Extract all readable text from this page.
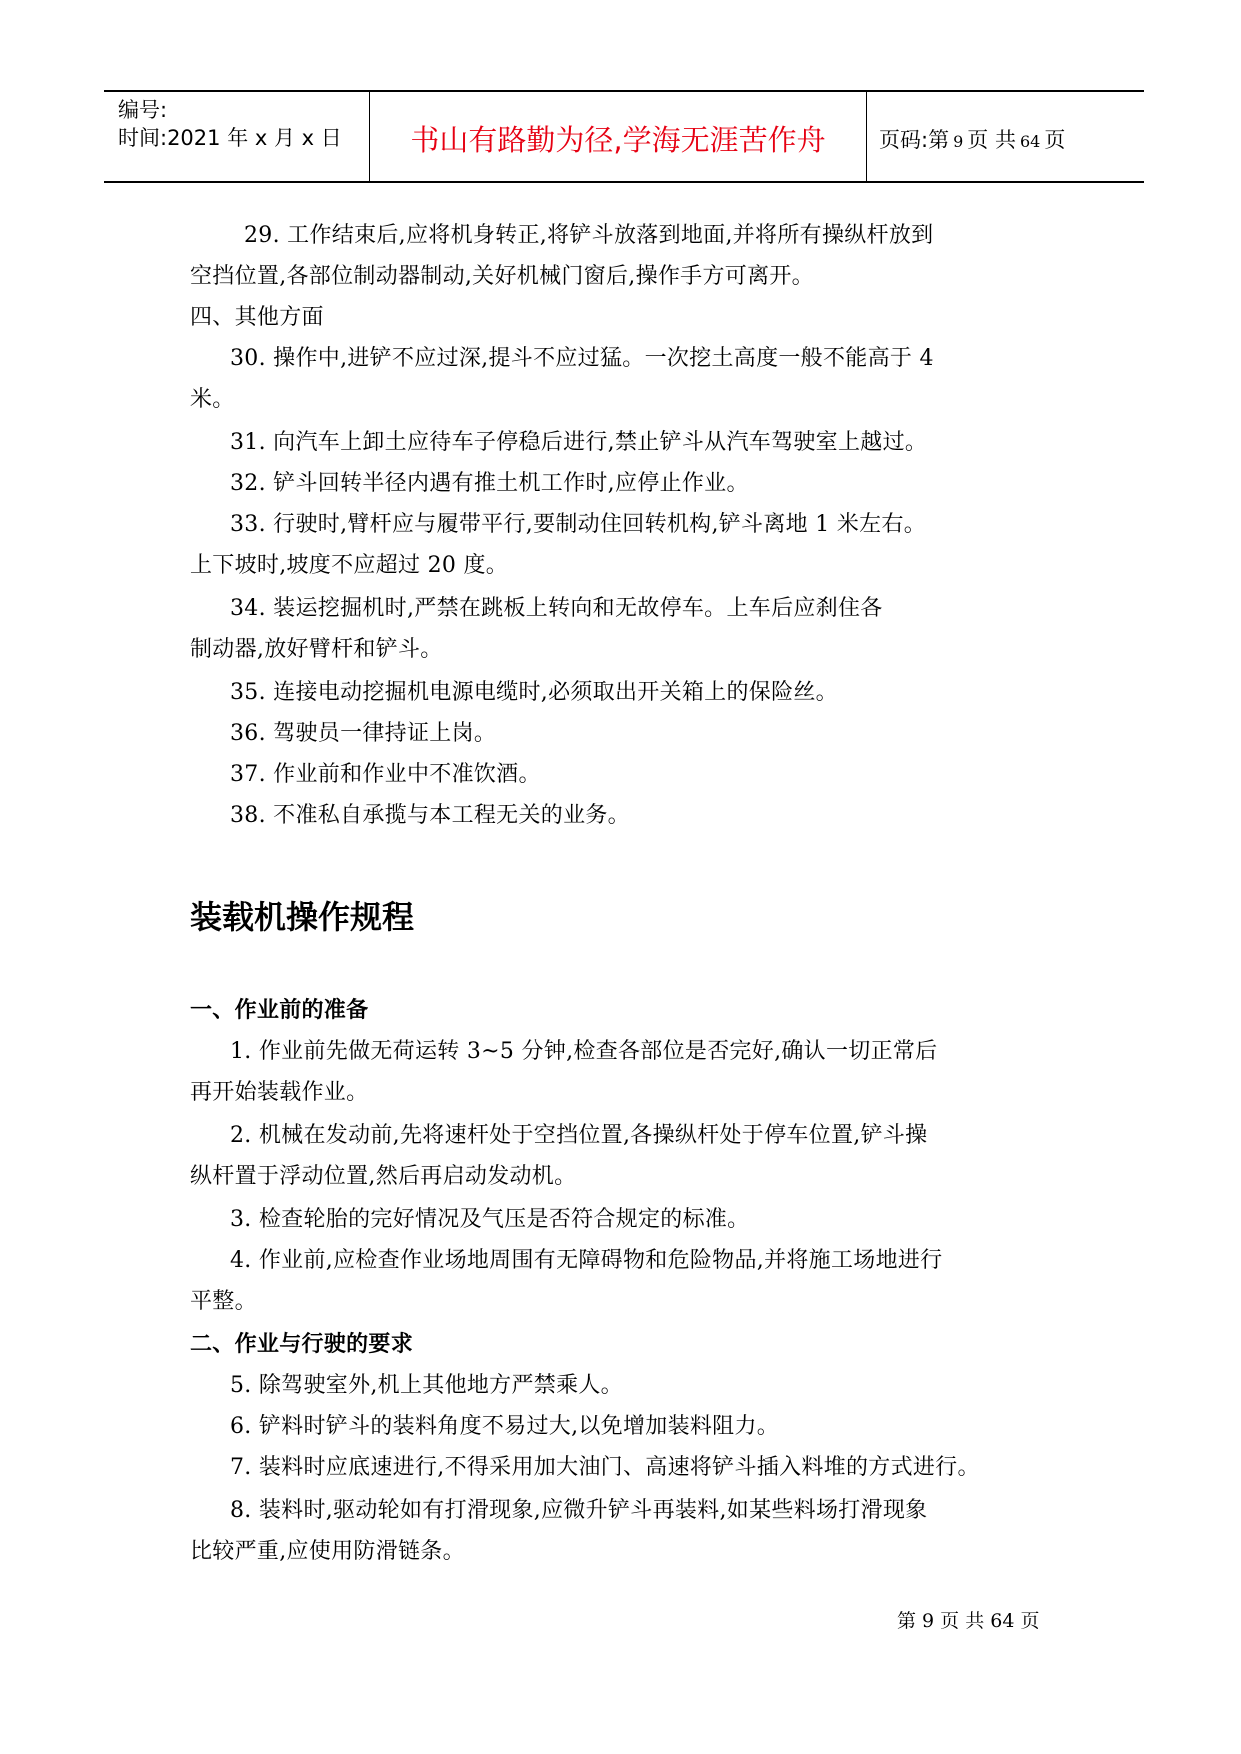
编号:
时间:2021 年 x 月 x 日	书山有路勤为径,学海无涯苦作舟	页码:第 9 页 共 64 页
29. 工作结束后,应将机身转正,将铲斗放落到地面,并将所有操纵杆放到
空挡位置,各部位制动器制动,关好机械门窗后,操作手方可离开。
四、其他方面
30. 操作中,进铲不应过深,提斗不应过猛。一次挖土高度一般不能高于 4
米。
31. 向汽车上卸土应待车子停稳后进行,禁止铲斗从汽车驾驶室上越过。
32. 铲斗回转半径内遇有推土机工作时,应停止作业。
33. 行驶时,臂杆应与履带平行,要制动住回转机构,铲斗离地 1 米左右。
上下坡时,坡度不应超过 20 度。
34. 装运挖掘机时,严禁在跳板上转向和无故停车。上车后应刹住各
制动器,放好臂杆和铲斗。
35. 连接电动挖掘机电源电缆时,必须取出开关箱上的保险丝。
36. 驾驶员一律持证上岗。
37. 作业前和作业中不准饮酒。
38. 不准私自承揽与本工程无关的业务。
装载机操作规程
一、作业前的准备
1. 作业前先做无荷运转 3~5 分钟,检查各部位是否完好,确认一切正常后
再开始装载作业。
2. 机械在发动前,先将速杆处于空挡位置,各操纵杆处于停车位置,铲斗操
纵杆置于浮动位置,然后再启动发动机。
3. 检查轮胎的完好情况及气压是否符合规定的标准。
4. 作业前,应检查作业场地周围有无障碍物和危险物品,并将施工场地进行
平整。
二、作业与行驶的要求
5. 除驾驶室外,机上其他地方严禁乘人。
6. 铲料时铲斗的装料角度不易过大,以免增加装料阻力。
7. 装料时应底速进行,不得采用加大油门、高速将铲斗插入料堆的方式进行。
8. 装料时,驱动轮如有打滑现象,应微升铲斗再装料,如某些料场打滑现象
比较严重,应使用防滑链条。
第 9 页 共 64 页
